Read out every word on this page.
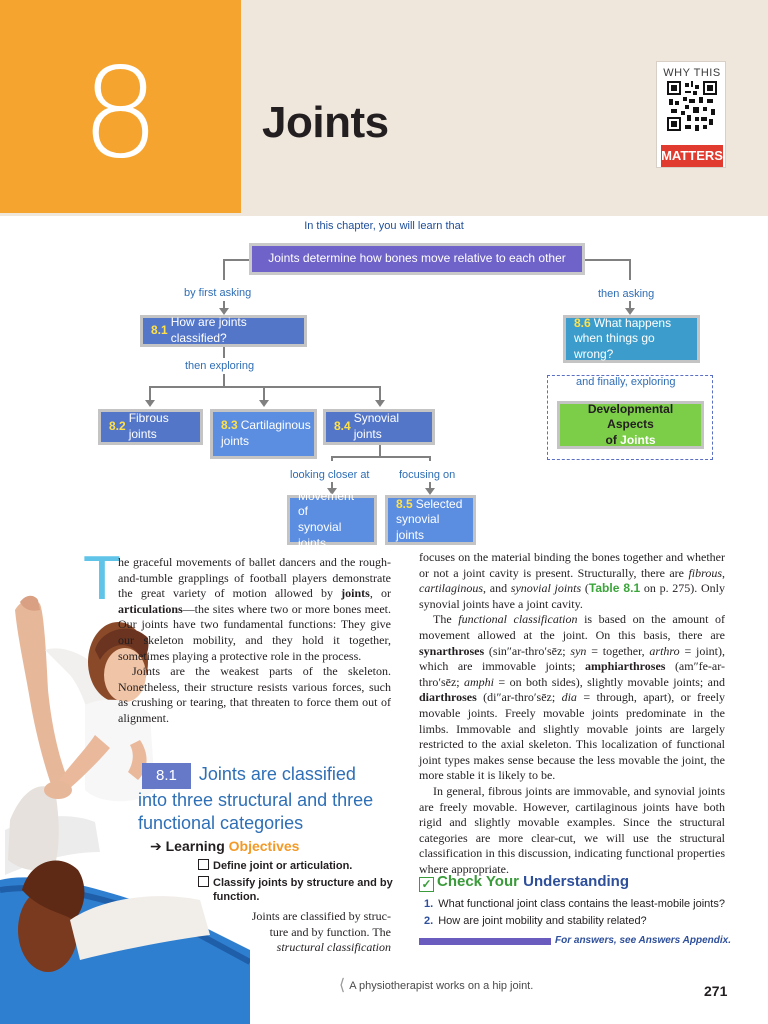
8	Joints
WHY THIS
MATTERS
In this chapter, you will learn that
Joints determine how bones move relative to each other
by first asking	then asking
then exploring
8.1
How are joints classified?
8.6 What happens
when things go wrong?
and finally, exploring
Developmental Aspects
of Joints
8.2
Fibrous joints
8.3 Cartilaginous
joints
8.4
Synovial joints
looking closer at	focusing on
Movement of
synovial joints
8.5 Selected
synovial joints
T

he graceful movements of ballet dancers and the rough-and-tumble grapplings of football players demonstrate the great variety of motion allowed by joints, or articulations—the sites where two or more bones meet. Our joints have two fundamental functions: They give our skeleton mobility, and they hold it together, sometimes playing a protective role in the process.

Joints are the weakest parts of the skeleton. Nonetheless, their structure resists various forces, such as crushing or tearing, that threaten to force them out of alignment.

8.1 Joints are classified
into three structural and three
functional categories
➔ Learning Objectives
Define joint or articulation.
Classify joints by structure and by
function.
Joints are classified by struc-
ture and by function. The
structural classification

focuses on the material binding the bones together and whether or not a joint cavity is present. Structurally, there are fibrous, cartilaginous, and synovial joints (Table 8.1 on p. 275). Only synovial joints have a joint cavity.

The functional classification is based on the amount of movement allowed at the joint. On this basis, there are synarthroses (sin″ar-thro′sēz; syn = together, arthro = joint), which are immovable joints; amphiarthroses (am″fe-ar-thro′sēz; amphi = on both sides), slightly movable joints; and diarthroses (di″ar-thro′sēz; dia = through, apart), or freely movable joints. Freely movable joints predominate in the limbs. Immovable and slightly movable joints are largely restricted to the axial skeleton. This localization of functional joint types makes sense because the less movable the joint, the more stable it is likely to be.

In general, fibrous joints are immovable, and synovial joints are freely movable. However, cartilaginous joints have both rigid and slightly movable examples. Since the structural categories are more clear-cut, we will use the structural classification in this discussion, indicating functional properties where appropriate.

✓ Check Your Understanding
1. What functional joint class contains the least-mobile joints?
2. How are joint mobility and stability related?
For answers, see Answers Appendix.
⟨ A physiotherapist works on a hip joint.	271
